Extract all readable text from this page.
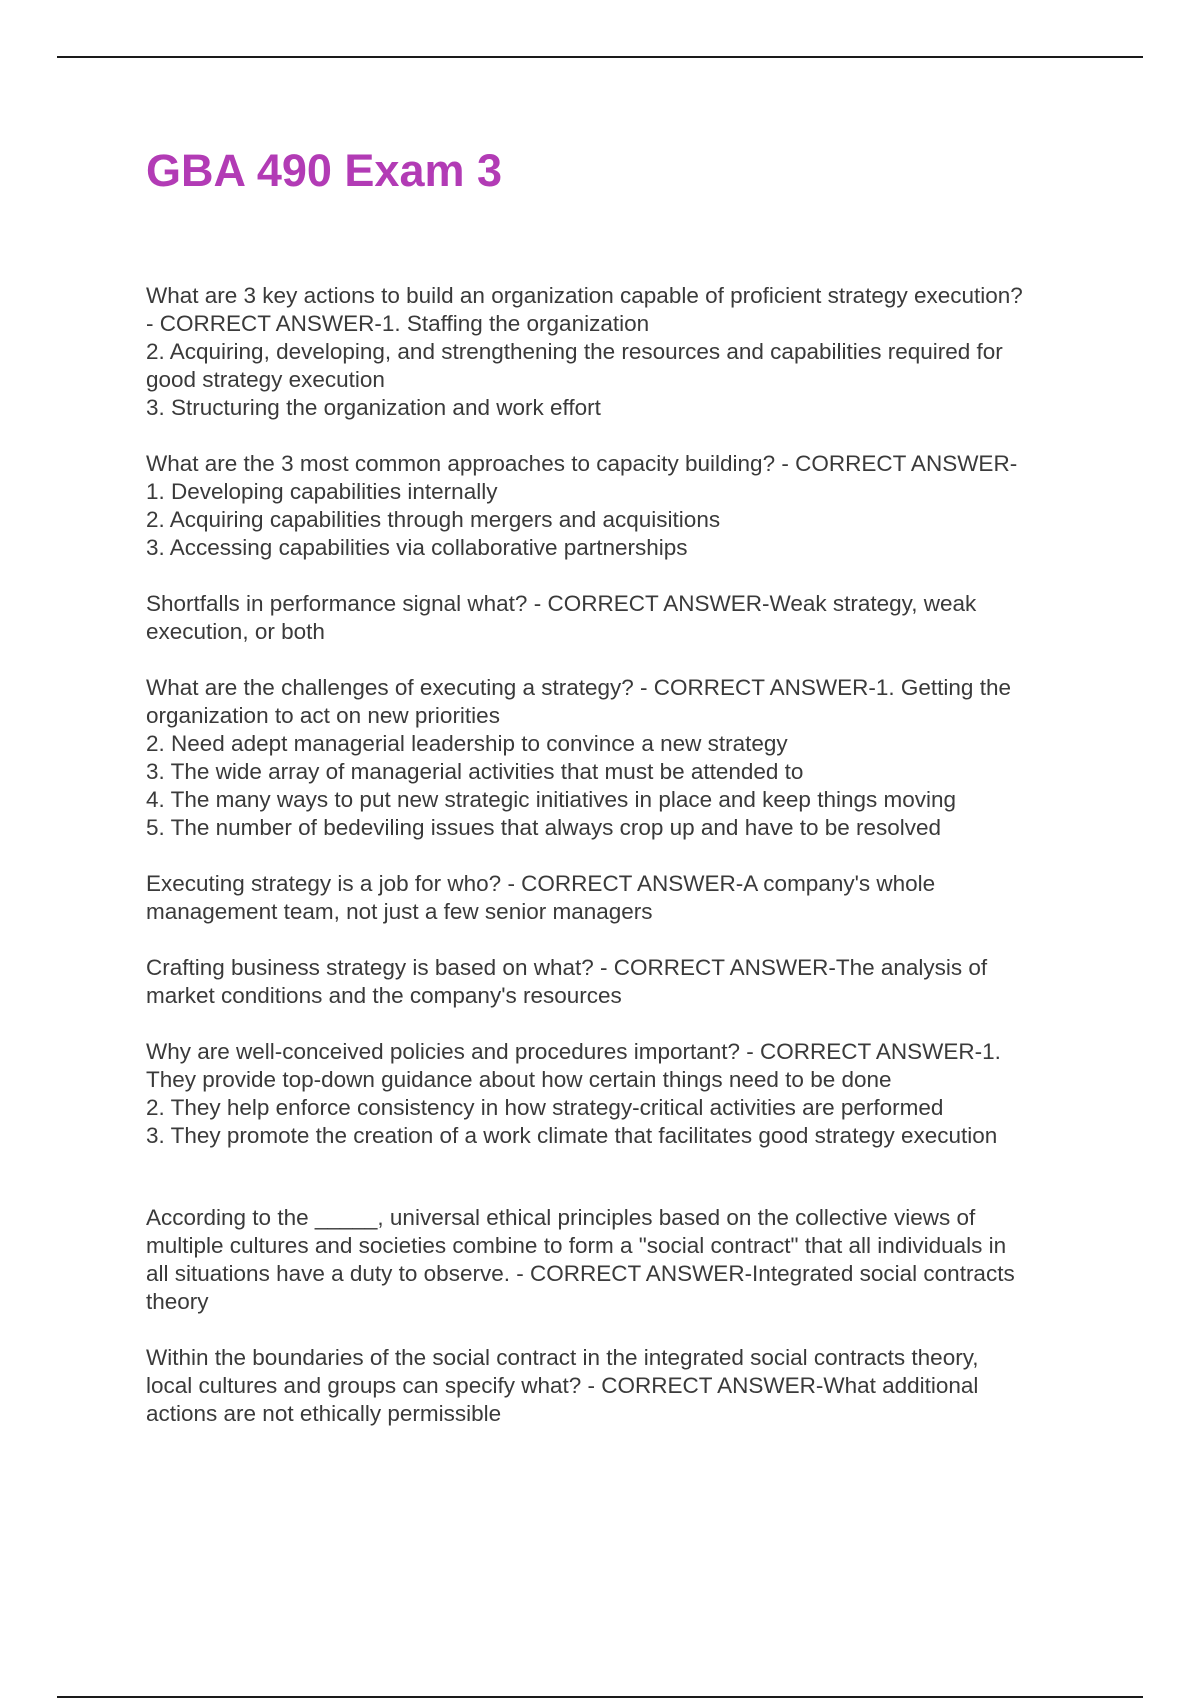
GBA 490 Exam 3
What are 3 key actions to build an organization capable of proficient strategy execution?
- CORRECT ANSWER-1. Staffing the organization
2. Acquiring, developing, and strengthening the resources and capabilities required for
good strategy execution
3. Structuring the organization and work effort
What are the 3 most common approaches to capacity building? - CORRECT ANSWER-
1. Developing capabilities internally
2. Acquiring capabilities through mergers and acquisitions
3. Accessing capabilities via collaborative partnerships
Shortfalls in performance signal what? - CORRECT ANSWER-Weak strategy, weak
execution, or both
What are the challenges of executing a strategy? - CORRECT ANSWER-1. Getting the
organization to act on new priorities
2. Need adept managerial leadership to convince a new strategy
3. The wide array of managerial activities that must be attended to
4. The many ways to put new strategic initiatives in place and keep things moving
5. The number of bedeviling issues that always crop up and have to be resolved
Executing strategy is a job for who? - CORRECT ANSWER-A company's whole
management team, not just a few senior managers
Crafting business strategy is based on what? - CORRECT ANSWER-The analysis of
market conditions and the company's resources
Why are well-conceived policies and procedures important? - CORRECT ANSWER-1.
They provide top-down guidance about how certain things need to be done
2. They help enforce consistency in how strategy-critical activities are performed
3. They promote the creation of a work climate that facilitates good strategy execution
According to the _____, universal ethical principles based on the collective views of
multiple cultures and societies combine to form a "social contract" that all individuals in
all situations have a duty to observe. - CORRECT ANSWER-Integrated social contracts
theory
Within the boundaries of the social contract in the integrated social contracts theory,
local cultures and groups can specify what? - CORRECT ANSWER-What additional
actions are not ethically permissible
